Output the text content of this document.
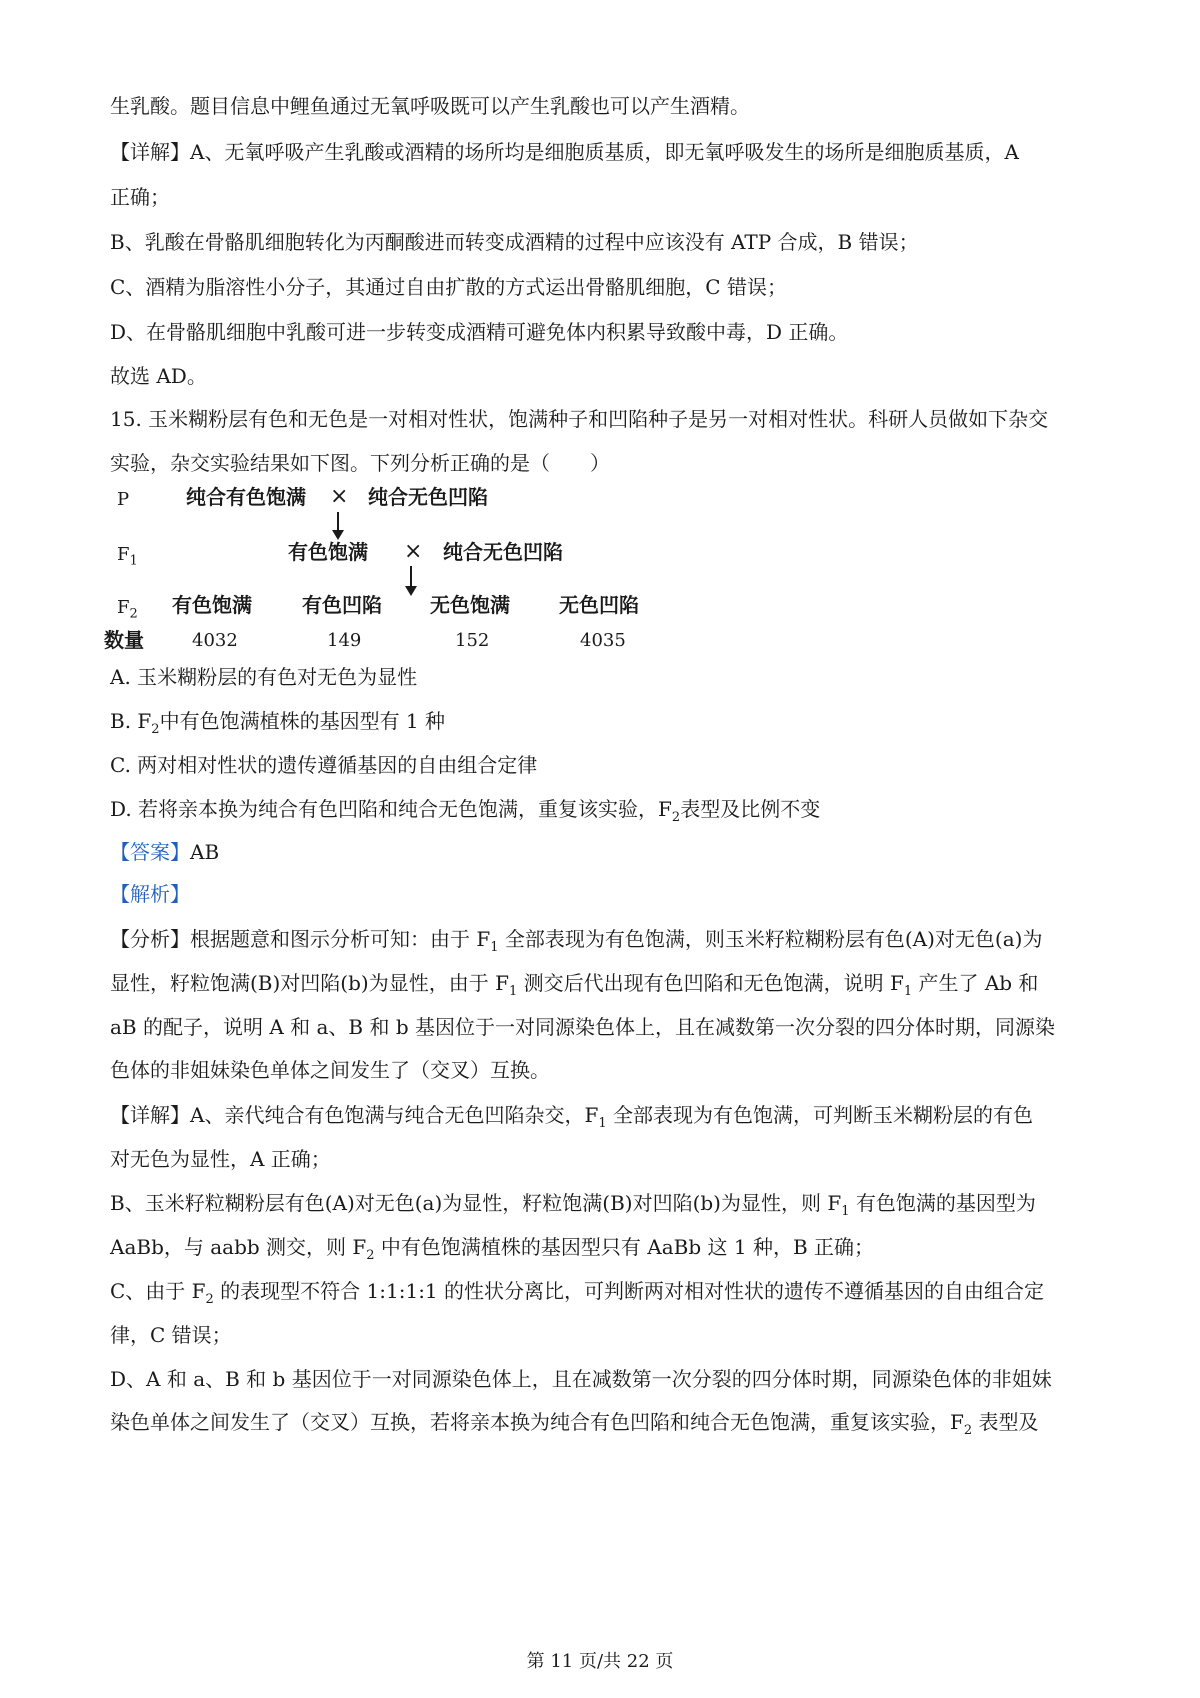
生乳酸。题目信息中鲤鱼通过无氧呼吸既可以产生乳酸也可以产生酒精。

【详解】A、无氧呼吸产生乳酸或酒精的场所均是细胞质基质，即无氧呼吸发生的场所是细胞质基质，A

正确；

B、乳酸在骨骼肌细胞转化为丙酮酸进而转变成酒精的过程中应该没有 ATP 合成，B 错误；

C、酒精为脂溶性小分子，其通过自由扩散的方式运出骨骼肌细胞，C 错误；

D、在骨骼肌细胞中乳酸可进一步转变成酒精可避免体内积累导致酸中毒，D 正确。

故选 AD。

15. 玉米糊粉层有色和无色是一对相对性状，饱满种子和凹陷种子是另一对相对性状。科研人员做如下杂交

实验，杂交实验结果如下图。下列分析正确的是（　　）

P	纯合有色饱满 × 纯合无色凹陷
$F_1$	有色饱满 × 纯合无色凹陷
$F_2$ 有色饱满	有色凹陷 无色饱满 无色凹陷
数量	4032	149	152	4035

A. 玉米糊粉层的有色对无色为显性

B. $F_2$中有色饱满植株的基因型有 1 种

C. 两对相对性状的遗传遵循基因的自由组合定律

D. 若将亲本换为纯合有色凹陷和纯合无色饱满，重复该实验，$F_2$表型及比例不变

【答案】AB

【解析】

【分析】根据题意和图示分析可知：由于 $F_1$ 全部表现为有色饱满，则玉米籽粒糊粉层有色(A)对无色(a)为

显性，籽粒饱满(B)对凹陷(b)为显性，由于 $F_1$ 测交后代出现有色凹陷和无色饱满，说明 $F_1$ 产生了 Ab 和

aB 的配子，说明 A 和 a、B 和 b 基因位于一对同源染色体上，且在减数第一次分裂的四分体时期，同源染

色体的非姐妹染色单体之间发生了（交叉）互换。

【详解】A、亲代纯合有色饱满与纯合无色凹陷杂交，$F_1$ 全部表现为有色饱满，可判断玉米糊粉层的有色

对无色为显性，A 正确；

B、玉米籽粒糊粉层有色(A)对无色(a)为显性，籽粒饱满(B)对凹陷(b)为显性，则 $F_1$ 有色饱满的基因型为

AaBb，与 aabb 测交，则 $F_2$ 中有色饱满植株的基因型只有 AaBb 这 1 种，B 正确；

C、由于 $F_2$ 的表现型不符合 1:1:1:1 的性状分离比，可判断两对相对性状的遗传不遵循基因的自由组合定

律，C 错误；

D、A 和 a、B 和 b 基因位于一对同源染色体上，且在减数第一次分裂的四分体时期，同源染色体的非姐妹

染色单体之间发生了（交叉）互换，若将亲本换为纯合有色凹陷和纯合无色饱满，重复该实验，$F_2$ 表型及

第 11 页/共 22 页
